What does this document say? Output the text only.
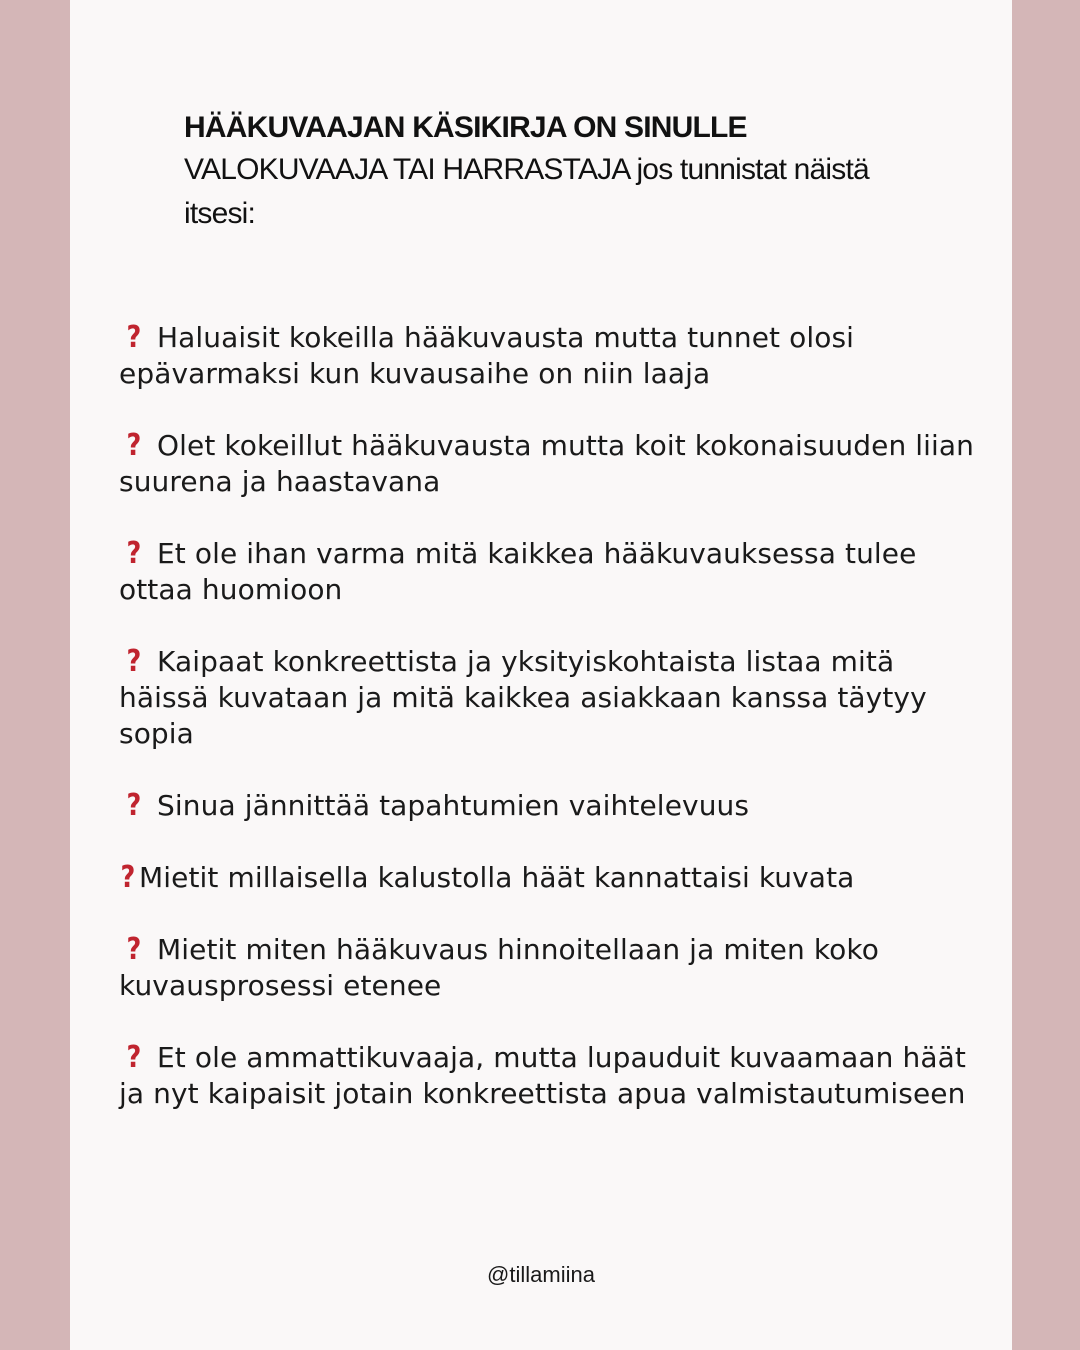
HÄÄKUVAAJAN KÄSIKIRJA ON SINULLE
VALOKUVAAJA TAI HARRASTAJA jos tunnistat näistä itsesi:
? Haluaisit kokeilla hääkuvausta mutta tunnet olosi epävarmaksi kun kuvausaihe on niin laaja
? Olet kokeillut hääkuvausta mutta koit kokonaisuuden liian suurena ja haastavana
? Et ole ihan varma mitä kaikkea hääkuvauksessa tulee ottaa huomioon
? Kaipaat konkreettista ja yksityiskohtaista listaa mitä häissä kuvataan ja mitä kaikkea asiakkaan kanssa täytyy sopia
? Sinua jännittää tapahtumien vaihtelevuus
? Mietit millaisella kalustolla häät kannattaisi kuvata
? Mietit miten hääkuvaus hinnoitellaan ja miten koko kuvausprosessi etenee
? Et ole ammattikuvaaja, mutta lupauduit kuvaamaan häät ja nyt kaipaisit jotain konkreettista apua valmistautumiseen
@tillamiina
